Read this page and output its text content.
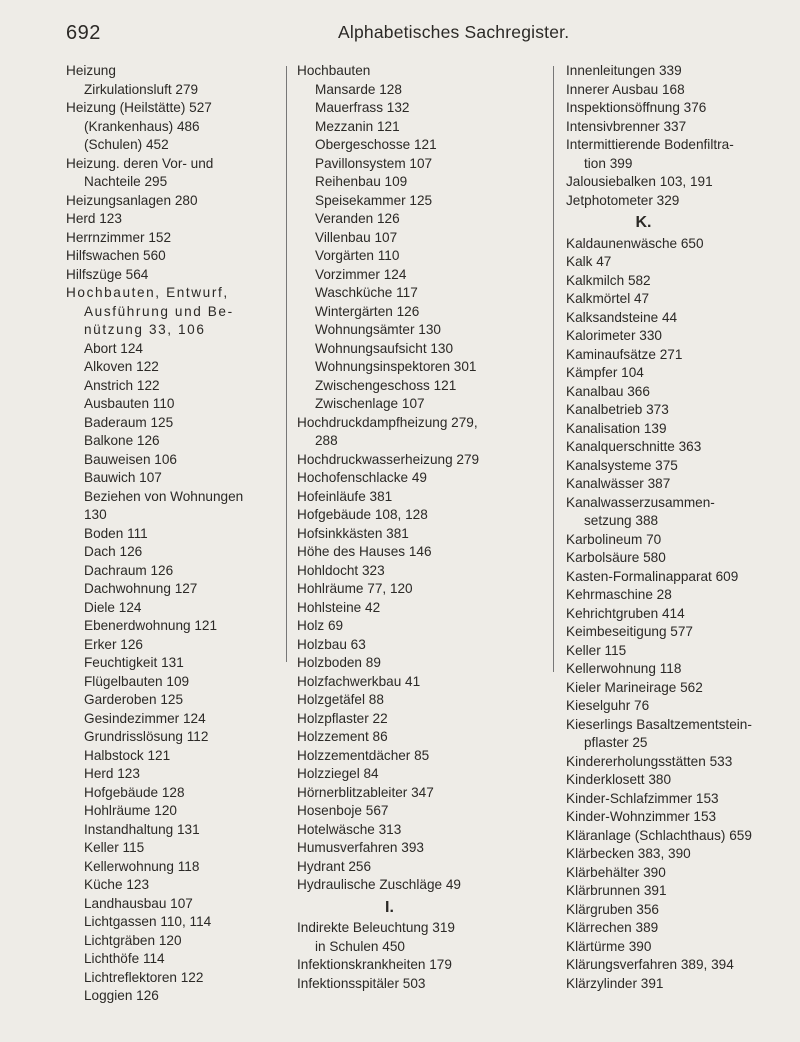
692	Alphabetisches Sachregister.
Heizung
Zirkulationsluft 279
Heizung (Heilstätte) 527
(Krankenhaus) 486
(Schulen) 452
Heizung. deren Vor- und
Nachteile 295
Heizungsanlagen 280
Herd 123
Herrnzimmer 152
Hilfswachen 560
Hilfszüge 564
Hochbauten, Entwurf,
Ausführung und Be-
nützung 33, 106
Abort 124
Alkoven 122
Anstrich 122
Ausbauten 110
Baderaum 125
Balkone 126
Bauweisen 106
Bauwich 107
Beziehen von Wohnungen
130
Boden 111
Dach 126
Dachraum 126
Dachwohnung 127
Diele 124
Ebenerdwohnung 121
Erker 126
Feuchtigkeit 131
Flügelbauten 109
Garderoben 125
Gesindezimmer 124
Grundrisslösung 112
Halbstock 121
Herd 123
Hofgebäude 128
Hohlräume 120
Instandhaltung 131
Keller 115
Kellerwohnung 118
Küche 123
Landhausbau 107
Lichtgassen 110, 114
Lichtgräben 120
Lichthöfe 114
Lichtreflektoren 122
Loggien 126
Hochbauten
Mansarde 128
Mauerfrass 132
Mezzanin 121
Obergeschosse 121
Pavillonsystem 107
Reihenbau 109
Speisekammer 125
Veranden 126
Villenbau 107
Vorgärten 110
Vorzimmer 124
Waschküche 117
Wintergärten 126
Wohnungsämter 130
Wohnungsaufsicht 130
Wohnungsinspektoren 301
Zwischengeschoss 121
Zwischenlage 107
Hochdruckdampfheizung 279,
288
Hochdruckwasserheizung 279
Hochofenschlacke 49
Hofeinläufe 381
Hofgebäude 108, 128
Hofsinkkästen 381
Höhe des Hauses 146
Hohldocht 323
Hohlräume 77, 120
Hohlsteine 42
Holz 69
Holzbau 63
Holzboden 89
Holzfachwerkbau 41
Holzgetäfel 88
Holzpflaster 22
Holzzement 86
Holzzementdächer 85
Holzziegel 84
Hörnerblitzableiter 347
Hosenboje 567
Hotelwäsche 313
Humusverfahren 393
Hydrant 256
Hydraulische Zuschläge 49
I.
Indirekte Beleuchtung 319
in Schulen 450
Infektionskrankheiten 179
Infektionsspitäler 503
Innenleitungen 339
Innerer Ausbau 168
Inspektionsöffnung 376
Intensivbrenner 337
Intermittierende Bodenfiltra-
tion 399
Jalousiebalken 103, 191
Jetphotometer 329
K.
Kaldaunenwäsche 650
Kalk 47
Kalkmilch 582
Kalkmörtel 47
Kalksandsteine 44
Kalorimeter 330
Kaminaufsätze 271
Kämpfer 104
Kanalbau 366
Kanalbetrieb 373
Kanalisation 139
Kanalquerschnitte 363
Kanalsysteme 375
Kanalwässer 387
Kanalwasserzusammen-
setzung 388
Karbolineum 70
Karbolsäure 580
Kasten-Formalinapparat 609
Kehrmaschine 28
Kehrichtgruben 414
Keimbeseitigung 577
Keller 115
Kellerwohnung 118
Kieler Marineirage 562
Kieselguhr 76
Kieserlings Basaltzementstein-
pflaster 25
Kindererholungsstätten 533
Kinderklosett 380
Kinder-Schlafzimmer 153
Kinder-Wohnzimmer 153
Kläranlage (Schlachthaus) 659
Klärbecken 383, 390
Klärbehälter 390
Klärbrunnen 391
Klärgruben 356
Klärrechen 389
Klärtürme 390
Klärungsverfahren 389, 394
Klärzylinder 391
